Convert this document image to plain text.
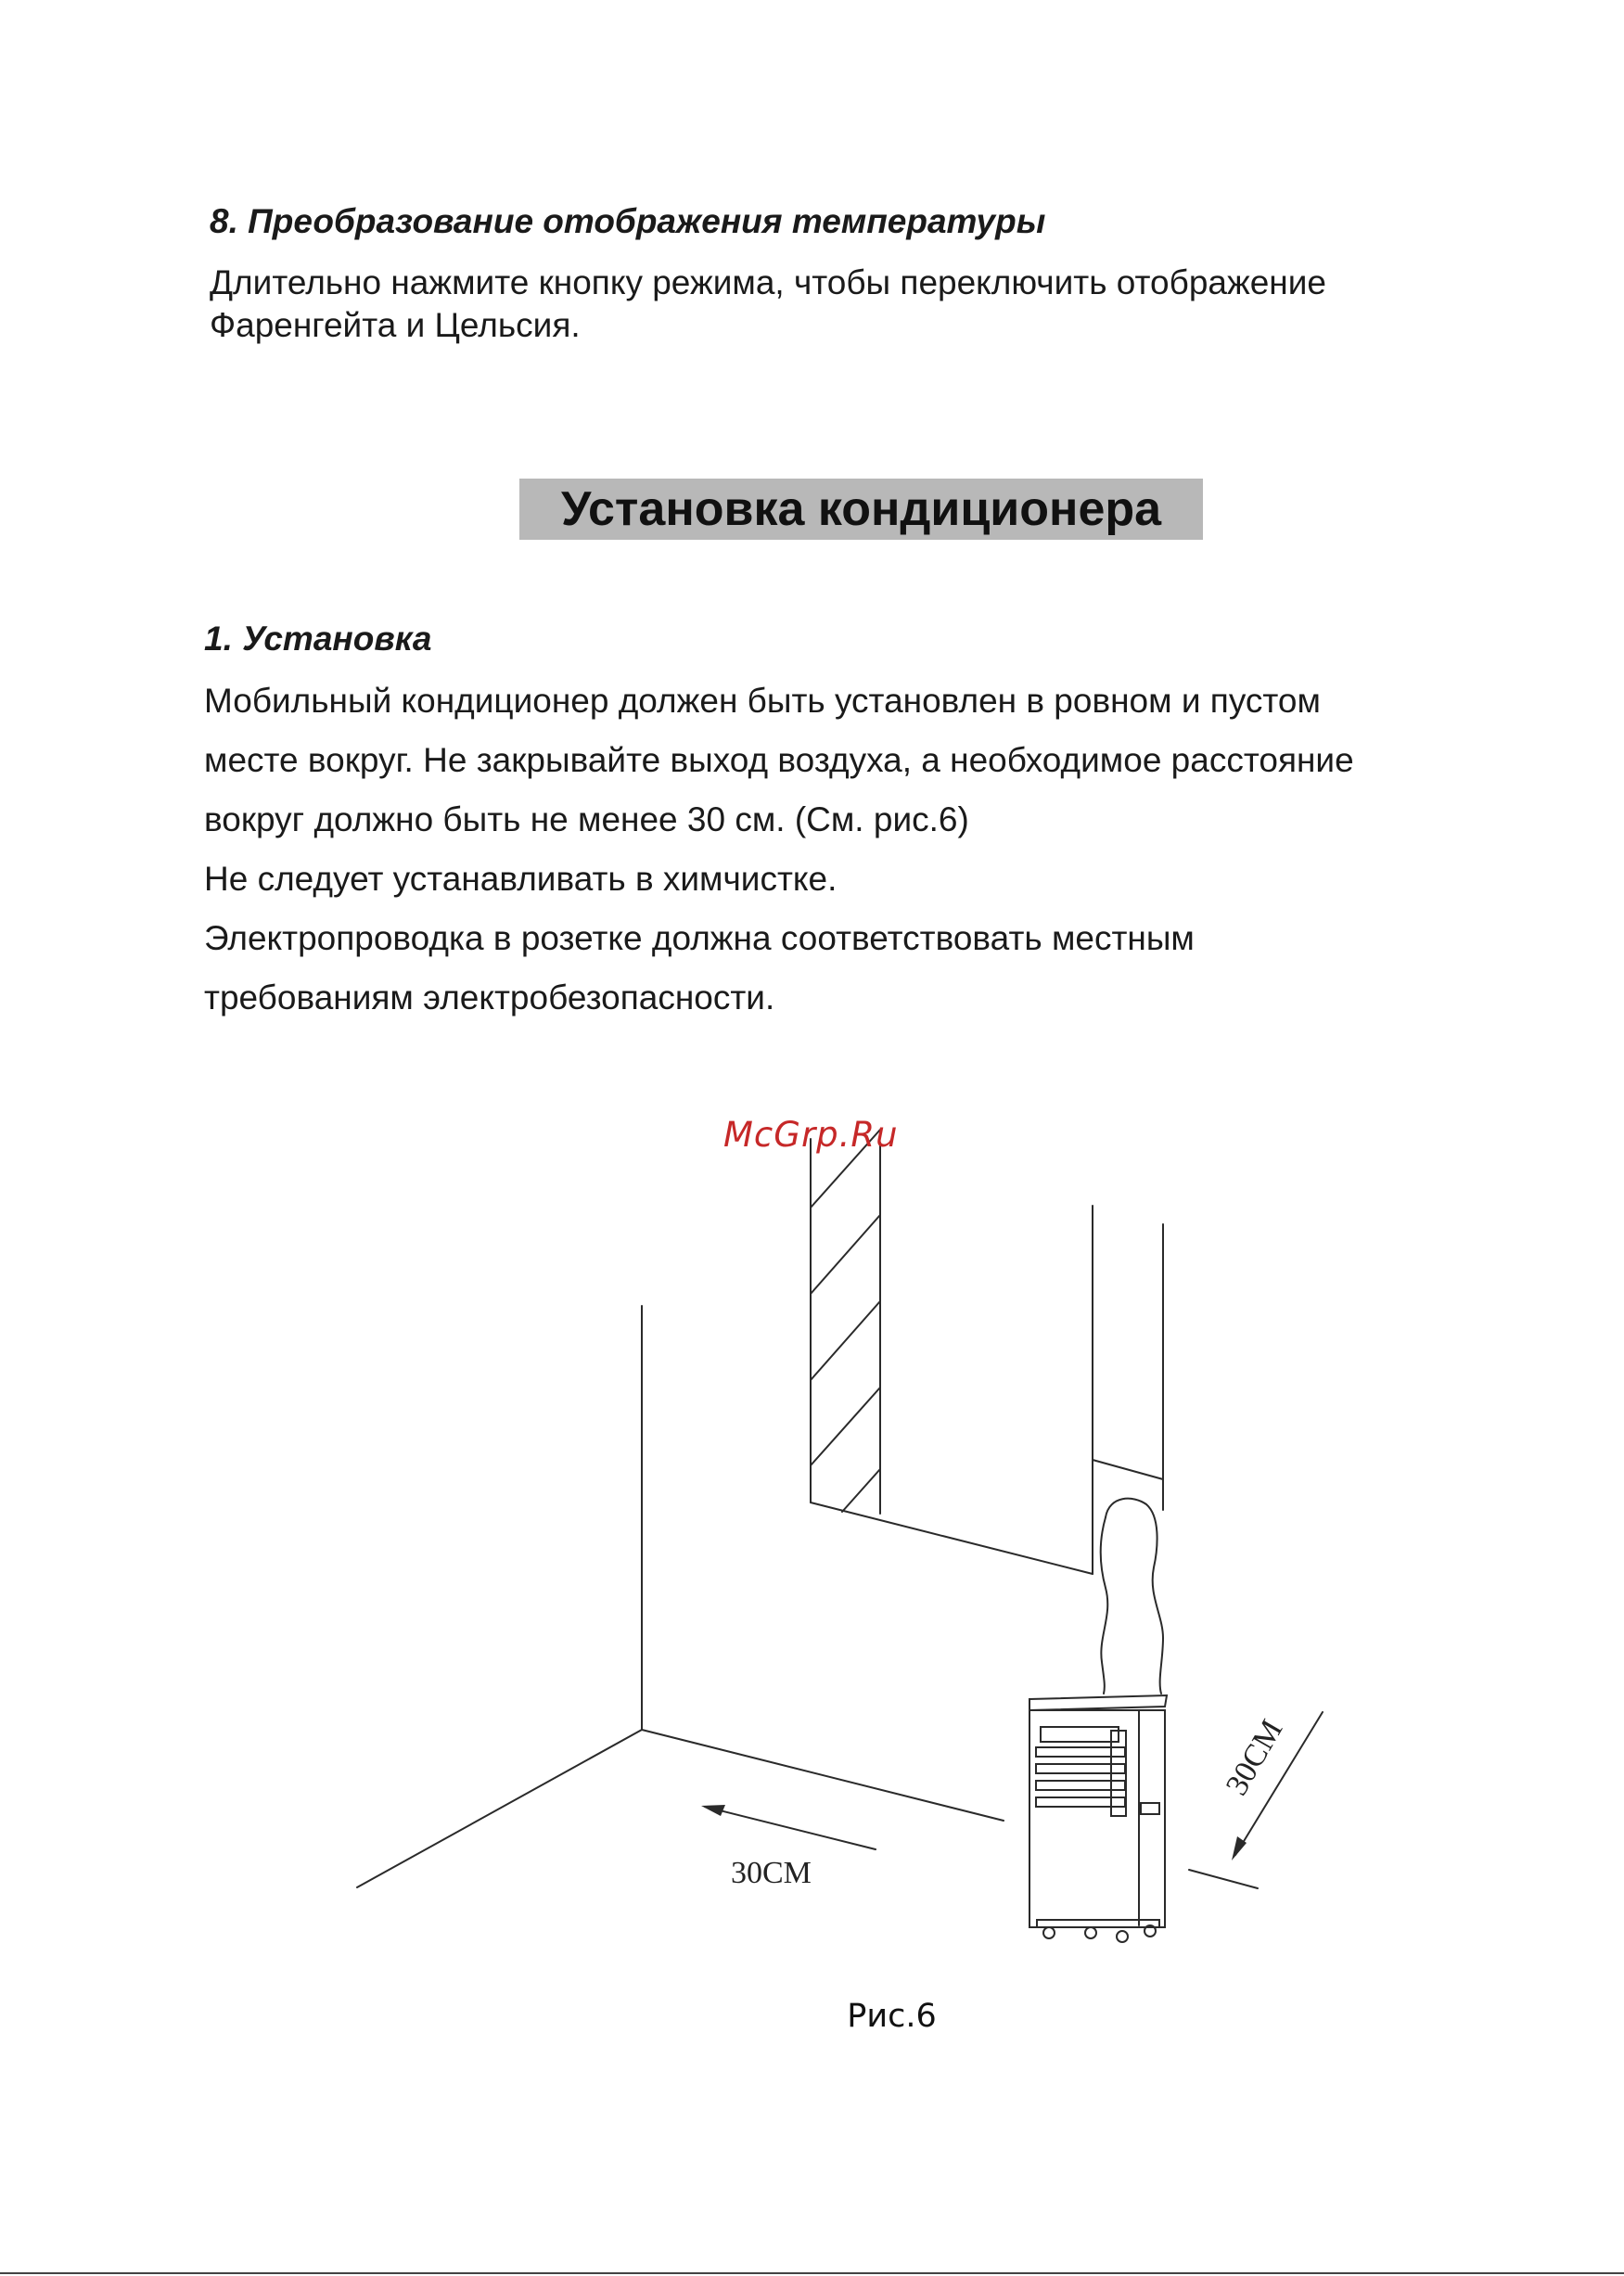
8. Преобразование отображения температуры
Длительно нажмите кнопку режима, чтобы переключить отображение
Фаренгейта и Цельсия.
Установка кондиционера
1. Установка
Мобильный кондиционер должен быть установлен в ровном и пустом
месте вокруг. Не закрывайте выход воздуха, а необходимое расстояние
вокруг должно быть не менее 30 см. (См. рис.6)
Не следует устанавливать в химчистке.
Электропроводка в розетке должна соответствовать местным
требованиям электробезопасности.
30CM
30CM
McGrp.Ru
Рис.6
